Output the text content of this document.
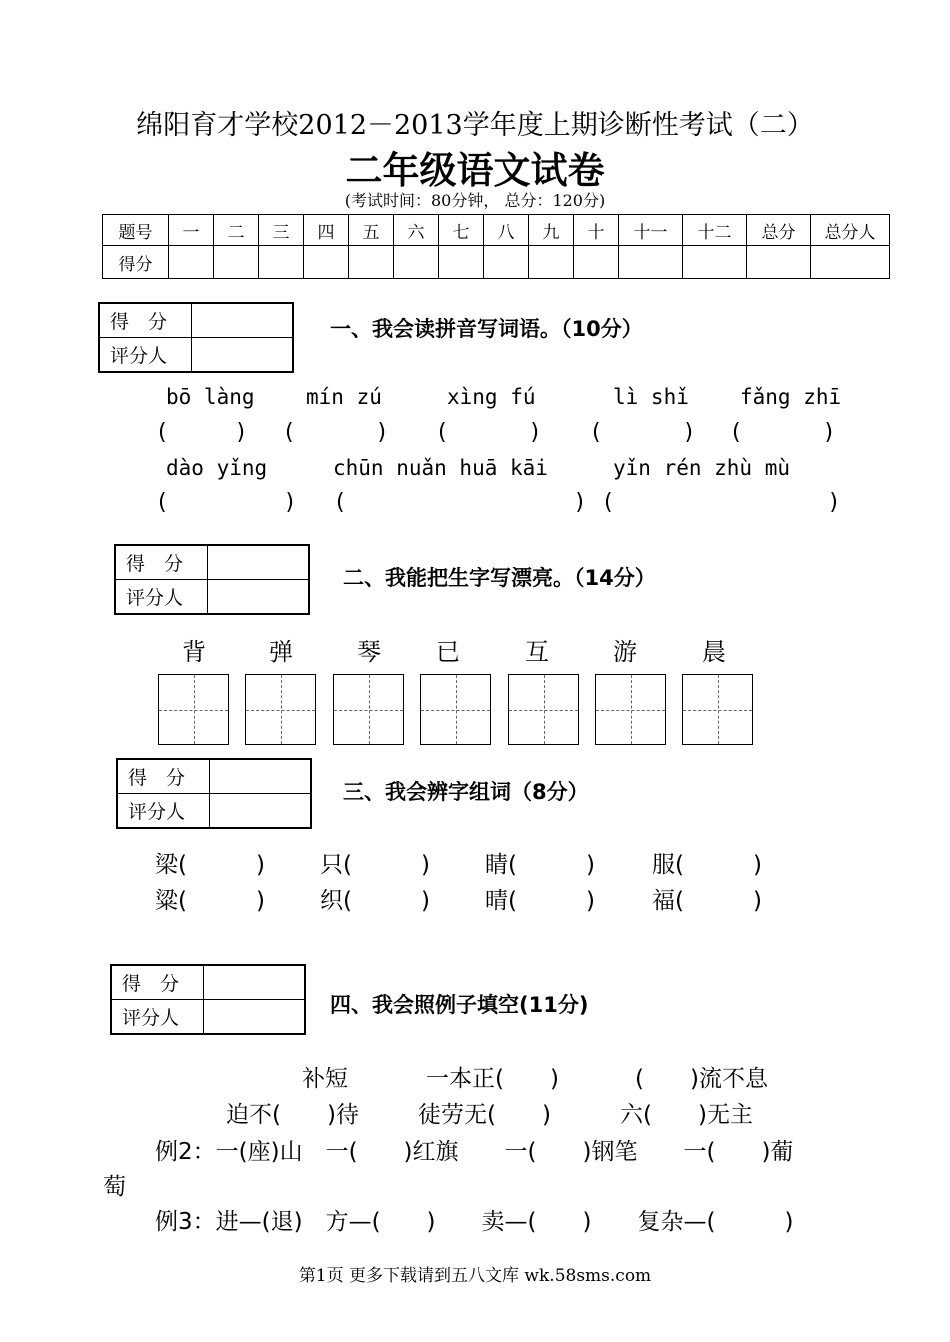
绵阳育才学校2012－2013学年度上期诊断性考试（二）
二年级语文试卷
(考试时间：80分钟， 总分：120分)
题号	一	二	三	四	五	六	七	八	九	十	十一	十二	总分	总分人
得分														
得　分	
评分人	
一、我会读拼音写词语。（10分）
bō làng mín zú	xìng fú	lì shǐ fǎng zhī
(          ) (            ) (            ) (            ) (            )
dào yǐng	chūn nuǎn huā kāi	yǐn rén zhù mù
(                 ) (                                 ) (                               )
得　分	
评分人	
二、我能把生字写漂亮。（14分）
背	弹	琴 已	互	游	晨
得　分	
评分人	
三、我会辨字组词（8分）
梁(　　　) 只(　　　) 睛(　　　) 服(　　　)
粱(　　　) 织(　　　) 晴(　　　) 福(　　　)
得　分	
评分人	
四、我会照例子填空(11分)
补短	一本正(　　)	(　　)流不息
迫不(　　)待	徒劳无(　　)	六(　　)无主
例2：一(座)山　一(　　)红旗　　一(　　)钢笔　　一(　　)葡
萄
例3：进—(退)　方—(　　)　　卖—(　　)　　复杂—(　　　)
第1页 更多下载请到五八文库 wk.58sms.com
